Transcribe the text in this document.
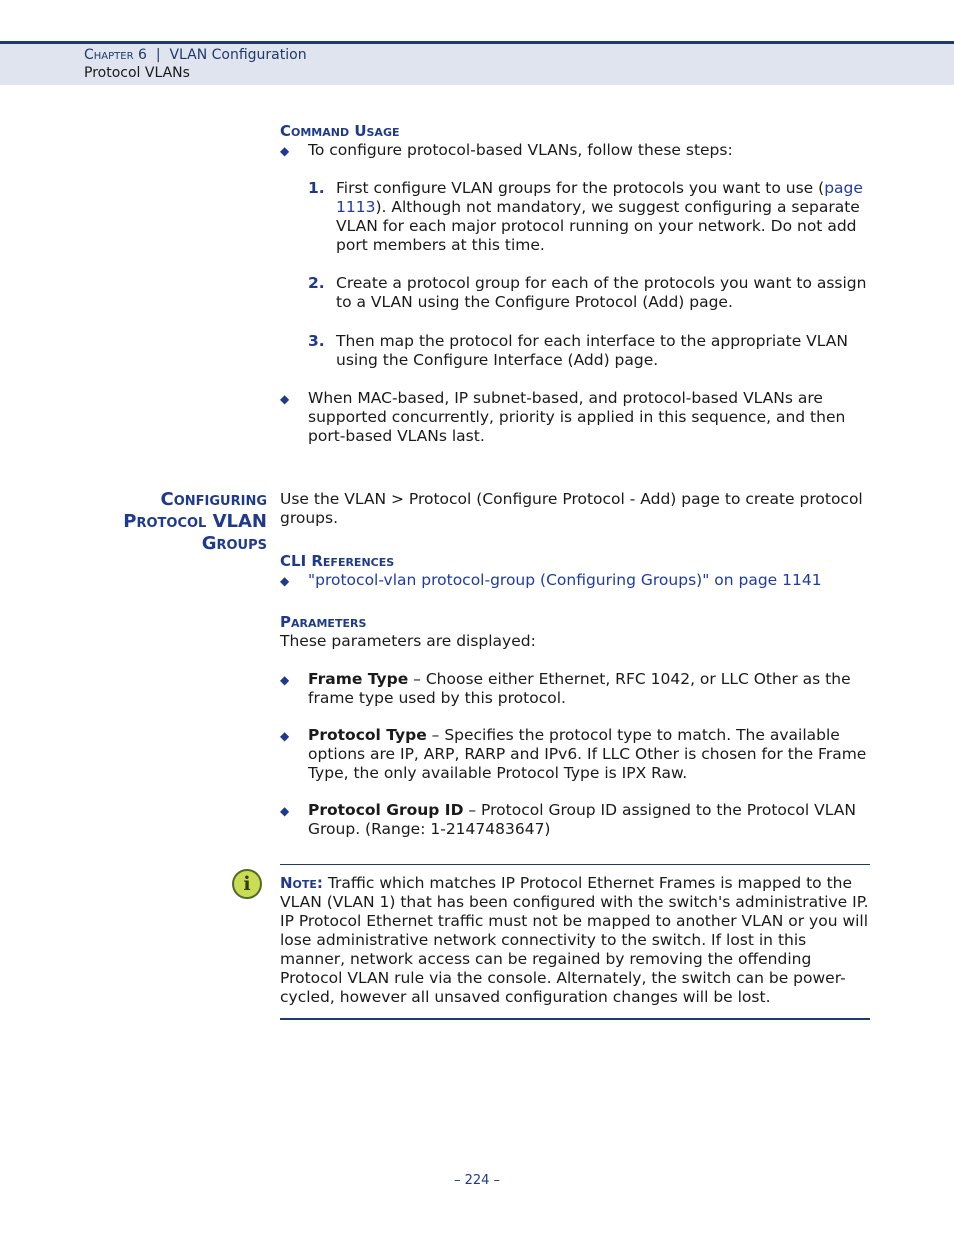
Chapter 6 | VLAN Configuration
Protocol VLANs
Command Usage
◆ To configure protocol-based VLANs, follow these steps:
1. First configure VLAN groups for the protocols you want to use (page 1113). Although not mandatory, we suggest configuring a separate VLAN for each major protocol running on your network. Do not add port members at this time.
2. Create a protocol group for each of the protocols you want to assign to a VLAN using the Configure Protocol (Add) page.
3. Then map the protocol for each interface to the appropriate VLAN using the Configure Interface (Add) page.
◆ When MAC-based, IP subnet-based, and protocol-based VLANs are supported concurrently, priority is applied in this sequence, and then port-based VLANs last.
Configuring
Protocol VLAN
Groups
Use the VLAN > Protocol (Configure Protocol - Add) page to create protocol groups.
CLI References
◆ "protocol-vlan protocol-group (Configuring Groups)" on page 1141
Parameters
These parameters are displayed:
◆ Frame Type – Choose either Ethernet, RFC 1042, or LLC Other as the frame type used by this protocol.
◆ Protocol Type – Specifies the protocol type to match. The available options are IP, ARP, RARP and IPv6. If LLC Other is chosen for the Frame Type, the only available Protocol Type is IPX Raw.
◆ Protocol Group ID – Protocol Group ID assigned to the Protocol VLAN Group. (Range: 1-2147483647)
i	Note: Traffic which matches IP Protocol Ethernet Frames is mapped to the VLAN (VLAN 1) that has been configured with the switch's administrative IP. IP Protocol Ethernet traffic must not be mapped to another VLAN or you will lose administrative network connectivity to the switch. If lost in this manner, network access can be regained by removing the offending Protocol VLAN rule via the console. Alternately, the switch can be power-cycled, however all unsaved configuration changes will be lost.
– 224 –
